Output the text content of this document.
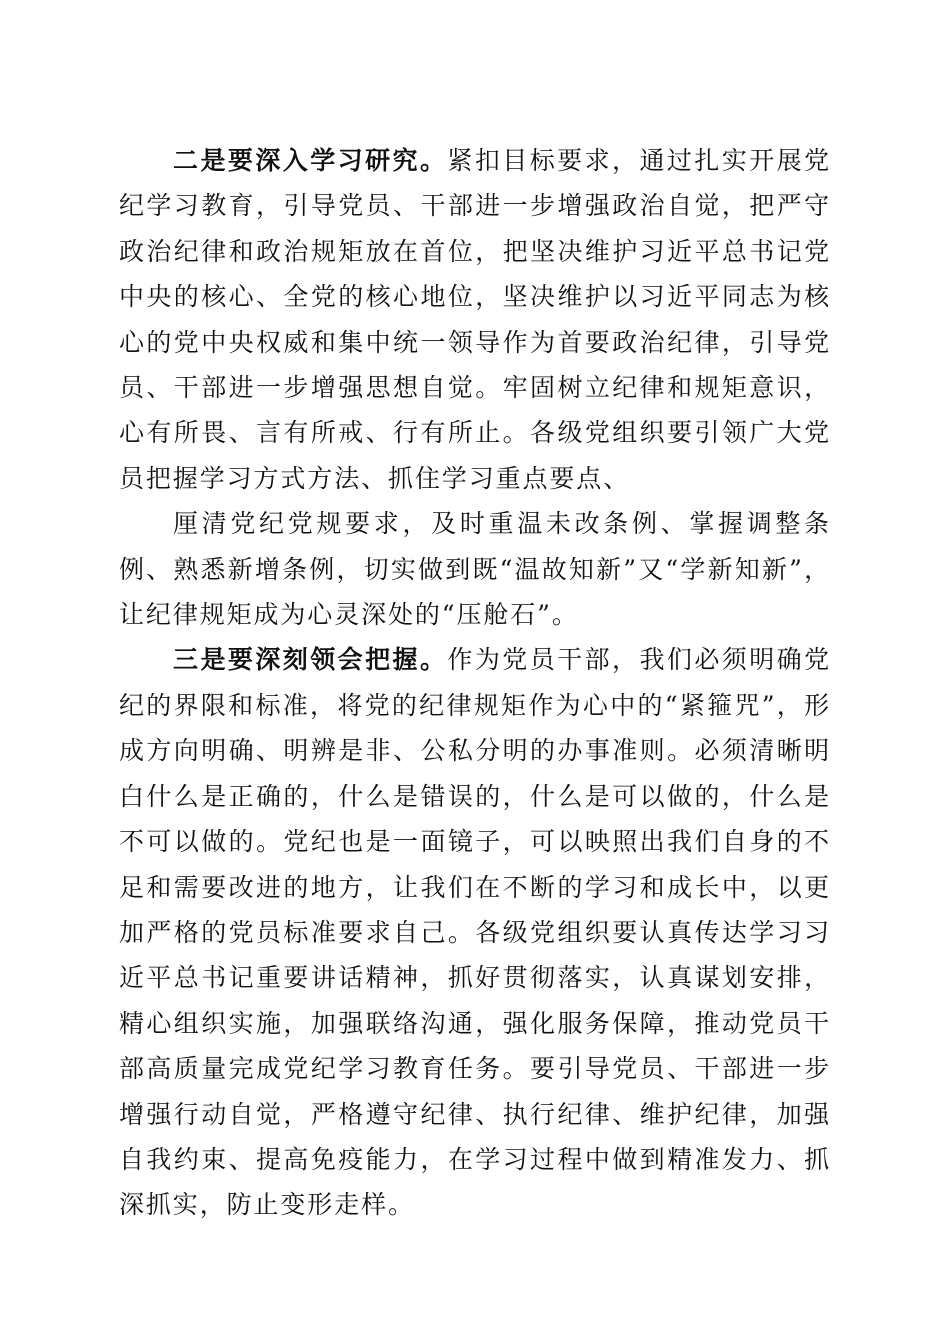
二是要深入学习研究。紧扣目标要求，通过扎实开展党纪学习教育，引导党员、干部进一步增强政治自觉，把严守政治纪律和政治规矩放在首位，把坚决维护习近平总书记党中央的核心、全党的核心地位，坚决维护以习近平同志为核心的党中央权威和集中统一领导作为首要政治纪律，引导党员、干部进一步增强思想自觉。牢固树立纪律和规矩意识，心有所畏、言有所戒、行有所止。各级党组织要引领广大党员把握学习方式方法、抓住学习重点要点、

厘清党纪党规要求，及时重温未改条例、掌握调整条例、熟悉新增条例，切实做到既“温故知新”又“学新知新”，让纪律规矩成为心灵深处的“压舱石”。

三是要深刻领会把握。作为党员干部，我们必须明确党纪的界限和标准，将党的纪律规矩作为心中的“紧箍咒”，形成方向明确、明辨是非、公私分明的办事准则。必须清晰明白什么是正确的，什么是错误的，什么是可以做的，什么是不可以做的。党纪也是一面镜子，可以映照出我们自身的不足和需要改进的地方，让我们在不断的学习和成长中，以更加严格的党员标准要求自己。各级党组织要认真传达学习习近平总书记重要讲话精神，抓好贯彻落实，认真谋划安排，精心组织实施，加强联络沟通，强化服务保障，推动党员干部高质量完成党纪学习教育任务。要引导党员、干部进一步增强行动自觉，严格遵守纪律、执行纪律、维护纪律，加强自我约束、提高免疫能力，在学习过程中做到精准发力、抓深抓实，防止变形走样。
